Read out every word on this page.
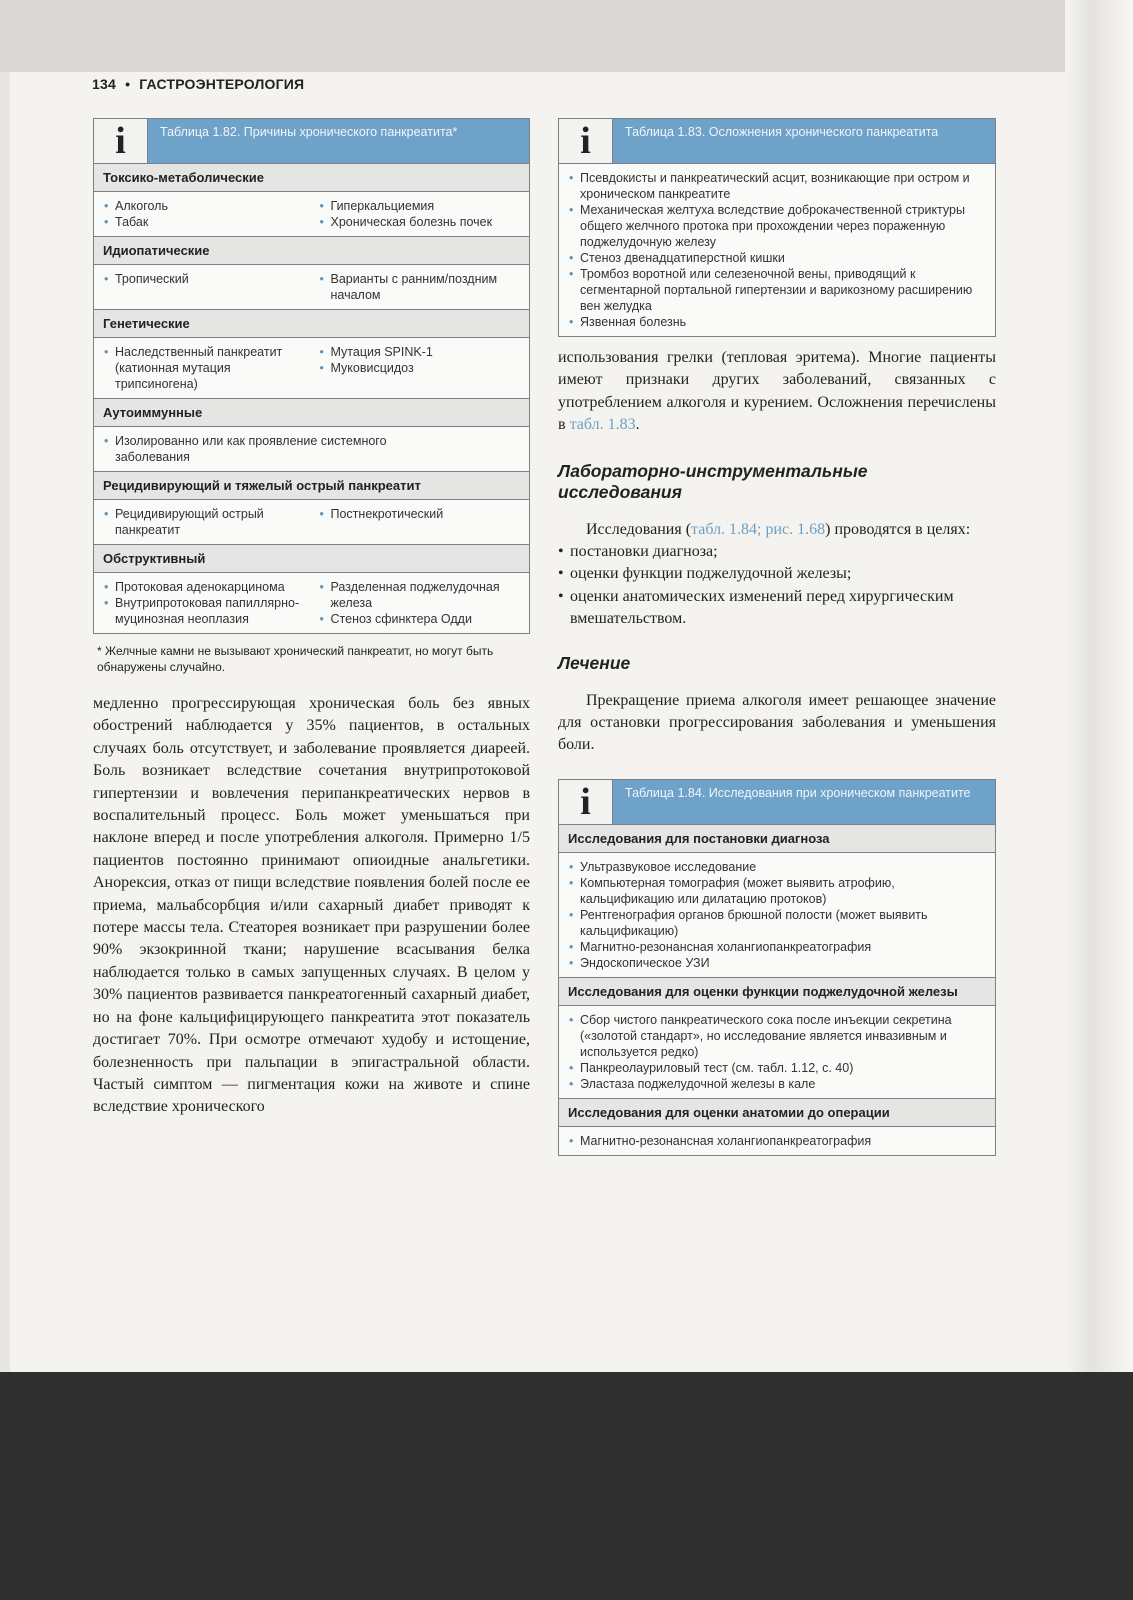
134 • ГАСТРОЭНТЕРОЛОГИЯ
i	Таблица 1.82. Причины хронического панкреатита*
Токсико-метаболические
• Алкоголь
• Табак
• Гиперкальциемия
• Хроническая болезнь почек
Идиопатические
• Тропический
•	Варианты с ранним/поздним началом
Генетические
• Наследственный панкреатит (катионная мутация трипсиногена)
• Мутация SPINK-1
• Муковисцидоз
Аутоиммунные
• Изолированно или как проявление системного заболевания
Рецидивирующий и тяжелый острый панкреатит
• Рецидивирующий острый панкреатит
• Постнекротический
Обструктивный
• Протоковая аденокарцинома
• Внутрипротоковая папиллярно-муцинозная неоплазия
• Разделенная поджелудочная железа
• Стеноз сфинктера Одди
* Желчные камни не вызывают хронический панкреатит, но могут быть обнаружены случайно.

медленно прогрессирующая хроническая боль без явных обострений наблюдается у 35% пациентов, в остальных случаях боль отсутствует, и заболевание проявляется диареей. Боль возникает вследствие сочетания внутрипротоковой гипертензии и вовлечения перипанкреатических нервов в воспалительный процесс. Боль может уменьшаться при наклоне вперед и после употребления алкоголя. Примерно 1/5 пациентов постоянно принимают опиоидные анальгетики. Анорексия, отказ от пищи вследствие появления болей после ее приема, мальабсорбция и/или сахарный диабет приводят к потере массы тела. Стеаторея возникает при разрушении более 90% экзокринной ткани; нарушение всасывания белка наблюдается только в самых запущенных случаях. В целом у 30% пациентов развивается панкреатогенный сахарный диабет, но на фоне кальцифицирующего панкреатита этот показатель достигает 70%. При осмотре отмечают худобу и истощение, болезненность при пальпации в эпигастральной области. Частый симптом — пигментация кожи на животе и спине вследствие хронического

i	Таблица 1.83. Осложнения хронического панкреатита
• Псевдокисты и панкреатический асцит, возникающие при остром и хроническом панкреатите
• Механическая желтуха вследствие доброкачественной стриктуры общего желчного протока при прохождении через пораженную поджелудочную железу
• Стеноз двенадцатиперстной кишки
• Тромбоз воротной или селезеночной вены, приводящий к сегментарной портальной гипертензии и варикозному расширению вен желудка
• Язвенная болезнь

использования грелки (тепловая эритема). Многие пациенты имеют признаки других заболеваний, связанных с употреблением алкоголя и курением. Осложнения перечислены в табл. 1.83.

Лабораторно-инструментальные исследования

Исследования (табл. 1.84; рис. 1.68) проводятся в целях:

• постановки диагноза;
• оценки функции поджелудочной железы;
• оценки анатомических изменений перед хирургическим вмешательством.
Лечение

Прекращение приема алкоголя имеет решающее значение для остановки прогрессирования заболевания и уменьшения боли.

i	Таблица 1.84. Исследования при хроническом панкреатите
Исследования для постановки диагноза
• Ультразвуковое исследование
• Компьютерная томография (может выявить атрофию, кальцификацию или дилатацию протоков)
• Рентгенография органов брюшной полости (может выявить кальцификацию)
• Магнитно-резонансная холангиопанкреатография
• Эндоскопическое УЗИ
Исследования для оценки функции поджелудочной железы
• Сбор чистого панкреатического сока после инъекции секретина («золотой стандарт», но исследование является инвазивным и используется редко)
• Панкреолауриловый тест (см. табл. 1.12, с. 40)
• Эластаза поджелудочной железы в кале
Исследования для оценки анатомии до операции
• Магнитно-резонансная холангиопанкреатография
